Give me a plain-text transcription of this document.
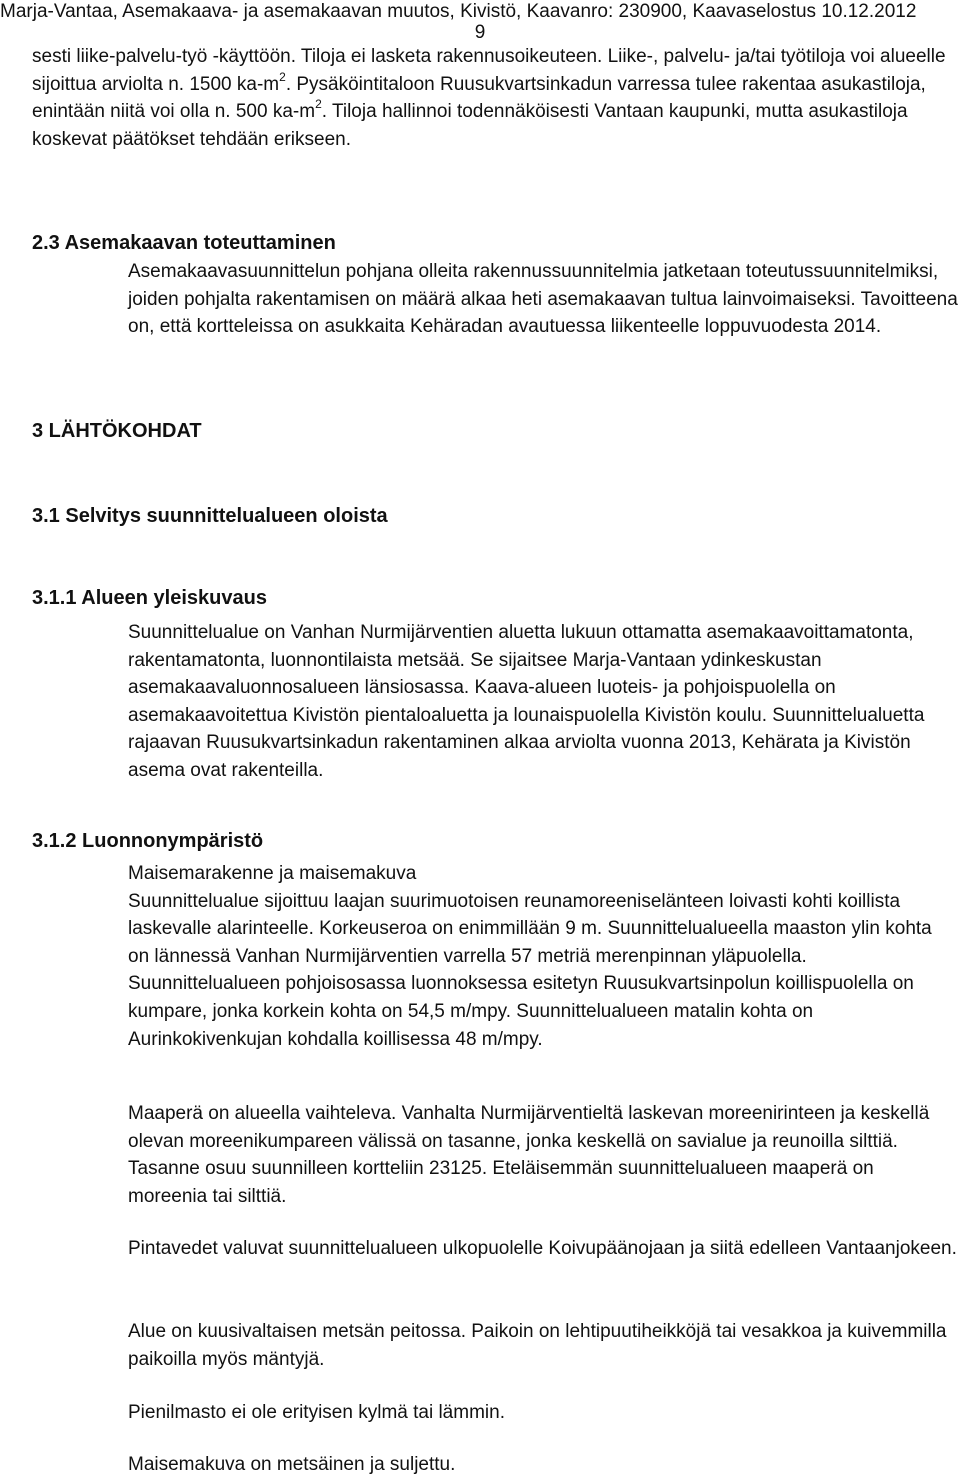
Marja-Vantaa, Asemakaava- ja asemakaavan muutos, Kivistö, Kaavanro: 230900, Kaavaselostus 10.12.2012
9

sesti liike-palvelu-työ -käyttöön. Tiloja ei lasketa rakennusoikeuteen. Liike-, palvelu- ja/tai työtiloja voi alueelle sijoittua arviolta n. 1500 $ka-m^2$. Pysäköintitaloon Ruusukvartsinkadun varressa tulee rakentaa asukastiloja, enintään niitä voi olla n. 500 $ka-m^2$. Tiloja hallinnoi todennäköisesti Vantaan kaupunki, mutta asukastiloja koskevat päätökset tehdään erikseen.

2.3 Asemakaavan toteuttaminen

Asemakaavasuunnittelun pohjana olleita rakennussuunnitelmia jatketaan toteutussuunnitelmiksi, joiden pohjalta rakentamisen on määrä alkaa heti asemakaavan tultua lainvoimaiseksi. Tavoitteena on, että kortteleissa on asukkaita Kehäradan avautuessa liikenteelle loppuvuodesta 2014.

3 LÄHTÖKOHDAT
3.1 Selvitys suunnittelualueen oloista
3.1.1 Alueen yleiskuvaus

Suunnittelualue on Vanhan Nurmijärventien aluetta lukuun ottamatta asemakaavoittamatonta, rakentamatonta, luonnontilaista metsää. Se sijaitsee Marja-Vantaan ydinkeskustan asemakaavaluonnosalueen länsiosassa. Kaava-alueen luoteis- ja pohjoispuolella on asemakaavoitettua Kivistön pientaloaluetta ja lounaispuolella Kivistön koulu. Suunnittelualuetta rajaavan Ruusukvartsinkadun rakentaminen alkaa arviolta vuonna 2013, Kehärata ja Kivistön asema ovat rakenteilla.

3.1.2 Luonnonympäristö

Maisemarakenne ja maisemakuva
Suunnittelualue sijoittuu laajan suurimuotoisen reunamoreeniselänteen loivasti kohti koillista laskevalle alarinteelle. Korkeuseroa on enimmillään 9 m. Suunnittelualueella maaston ylin kohta on lännessä Vanhan Nurmijärventien varrella 57 metriä merenpinnan yläpuolella. Suunnittelualueen pohjoisosassa luonnoksessa esitetyn Ruusukvartsinpolun koillispuolella on kumpare, jonka korkein kohta on 54,5 m/mpy. Suunnittelualueen matalin kohta on Aurinkokivenkujan kohdalla koillisessa 48 m/mpy.

Maaperä on alueella vaihteleva. Vanhalta Nurmijärventieltä laskevan moreenirinteen ja keskellä olevan moreenikumpareen välissä on tasanne, jonka keskellä on savialue ja reunoilla silttiä. Tasanne osuu suunnilleen kortteliin 23125. Eteläisemmän suunnittelualueen maaperä on moreenia tai silttiä.

Pintavedet valuvat suunnittelualueen ulkopuolelle Koivupäänojaan ja siitä edelleen Vantaanjokeen.

Alue on kuusivaltaisen metsän peitossa. Paikoin on lehtipuutiheikköjä tai vesakkoa ja kuivemmilla paikoilla myös mäntyjä.

Pienilmasto ei ole erityisen kylmä tai lämmin.

Maisemakuva on metsäinen ja suljettu.
